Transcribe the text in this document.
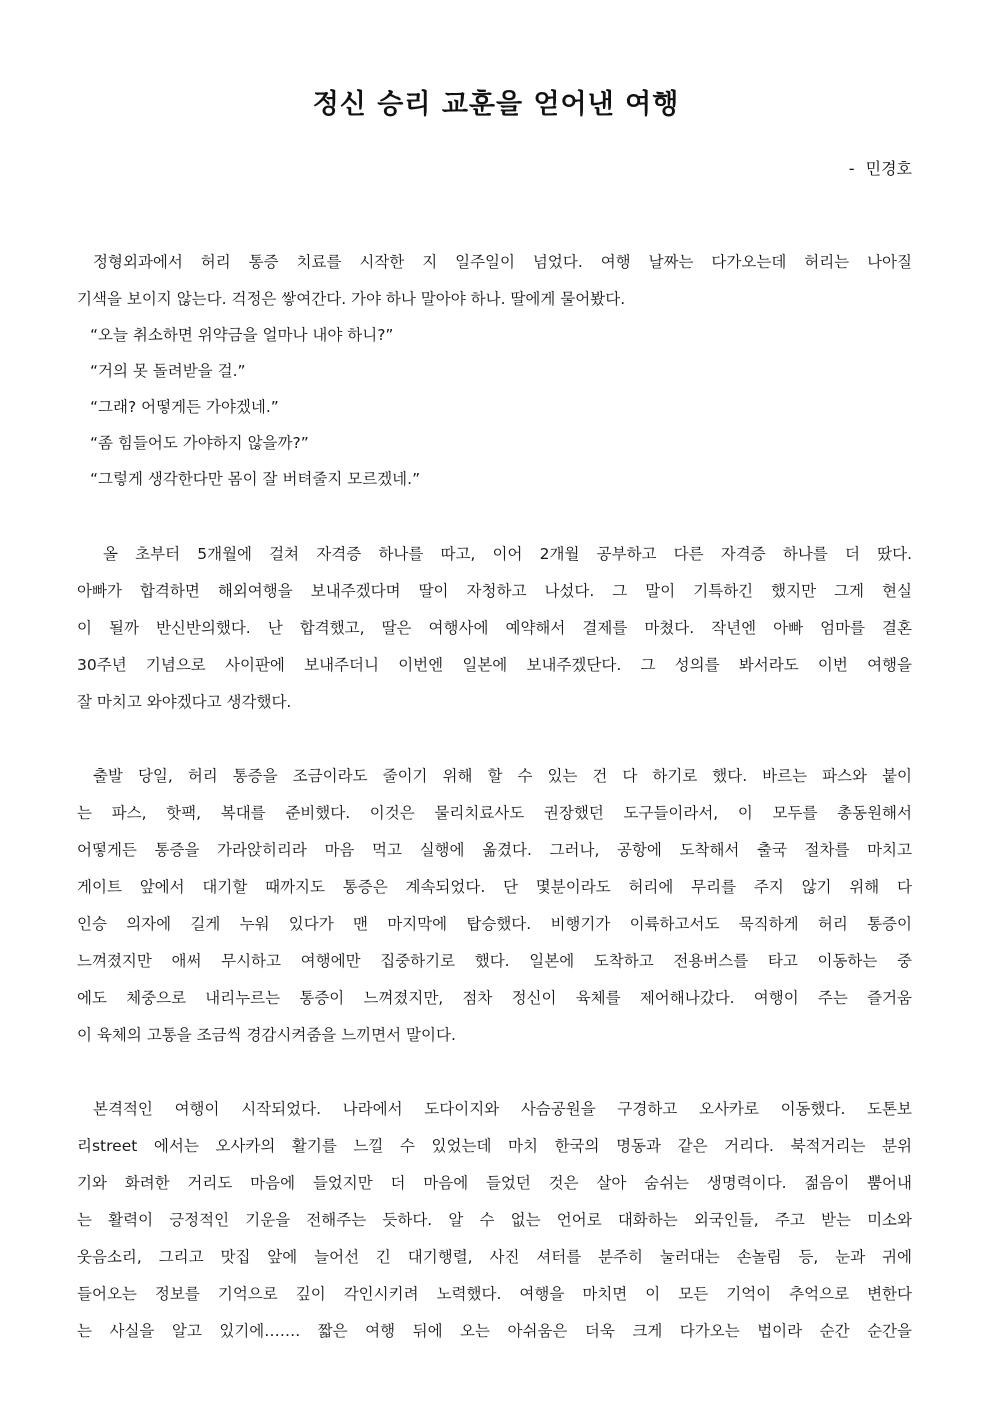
정신 승리 교훈을 얻어낸 여행
- 민경호
정형외과에서 허리 통증 치료를 시작한 지 일주일이 넘었다. 여행 날짜는 다가오는데 허리는 나아질
기색을 보이지 않는다. 걱정은 쌓여간다. 가야 하나 말아야 하나. 딸에게 물어봤다.
“오늘 취소하면 위약금을 얼마나 내야 하니?”
“거의 못 돌려받을 걸.”
“그래? 어떻게든 가야겠네.”
“좀 힘들어도 가야하지 않을까?”
“그렇게 생각한다만 몸이 잘 버텨줄지 모르겠네.”
올 초부터 5개월에 걸쳐 자격증 하나를 따고, 이어 2개월 공부하고 다른 자격증 하나를 더 땄다.
아빠가 합격하면 해외여행을 보내주겠다며 딸이 자청하고 나섰다. 그 말이 기특하긴 했지만 그게 현실
이 될까 반신반의했다. 난 합격했고, 딸은 여행사에 예약해서 결제를 마쳤다. 작년엔 아빠 엄마를 결혼
30주년 기념으로 사이판에 보내주더니 이번엔 일본에 보내주겠단다. 그 성의를 봐서라도 이번 여행을
잘 마치고 와야겠다고 생각했다.
출발 당일, 허리 통증을 조금이라도 줄이기 위해 할 수 있는 건 다 하기로 했다. 바르는 파스와 붙이
는 파스, 핫팩, 복대를 준비했다. 이것은 물리치료사도 권장했던 도구들이라서, 이 모두를 총동원해서
어떻게든 통증을 가라앉히리라 마음 먹고 실행에 옮겼다. 그러나, 공항에 도착해서 출국 절차를 마치고
게이트 앞에서 대기할 때까지도 통증은 계속되었다. 단 몇분이라도 허리에 무리를 주지 않기 위해 다
인승 의자에 길게 누워 있다가 맨 마지막에 탑승했다. 비행기가 이륙하고서도 묵직하게 허리 통증이
느껴졌지만 애써 무시하고 여행에만 집중하기로 했다. 일본에 도착하고 전용버스를 타고 이동하는 중
에도 체중으로 내리누르는 통증이 느껴졌지만, 점차 정신이 육체를 제어해나갔다. 여행이 주는 즐거움
이 육체의 고통을 조금씩 경감시켜줌을 느끼면서 말이다.
본격적인 여행이 시작되었다. 나라에서 도다이지와 사슴공원을 구경하고 오사카로 이동했다. 도톤보
리street 에서는 오사카의 활기를 느낄 수 있었는데 마치 한국의 명동과 같은 거리다. 북적거리는 분위
기와 화려한 거리도 마음에 들었지만 더 마음에 들었던 것은 살아 숨쉬는 생명력이다. 젊음이 뿜어내
는 활력이 긍정적인 기운을 전해주는 듯하다. 알 수 없는 언어로 대화하는 외국인들, 주고 받는 미소와
웃음소리, 그리고 맛집 앞에 늘어선 긴 대기행렬, 사진 셔터를 분주히 눌러대는 손놀림 등, 눈과 귀에
들어오는 정보를 기억으로 깊이 각인시키려 노력했다. 여행을 마치면 이 모든 기억이 추억으로 변한다
는 사실을 알고 있기에……. 짧은 여행 뒤에 오는 아쉬움은 더욱 크게 다가오는 법이라 순간 순간을
